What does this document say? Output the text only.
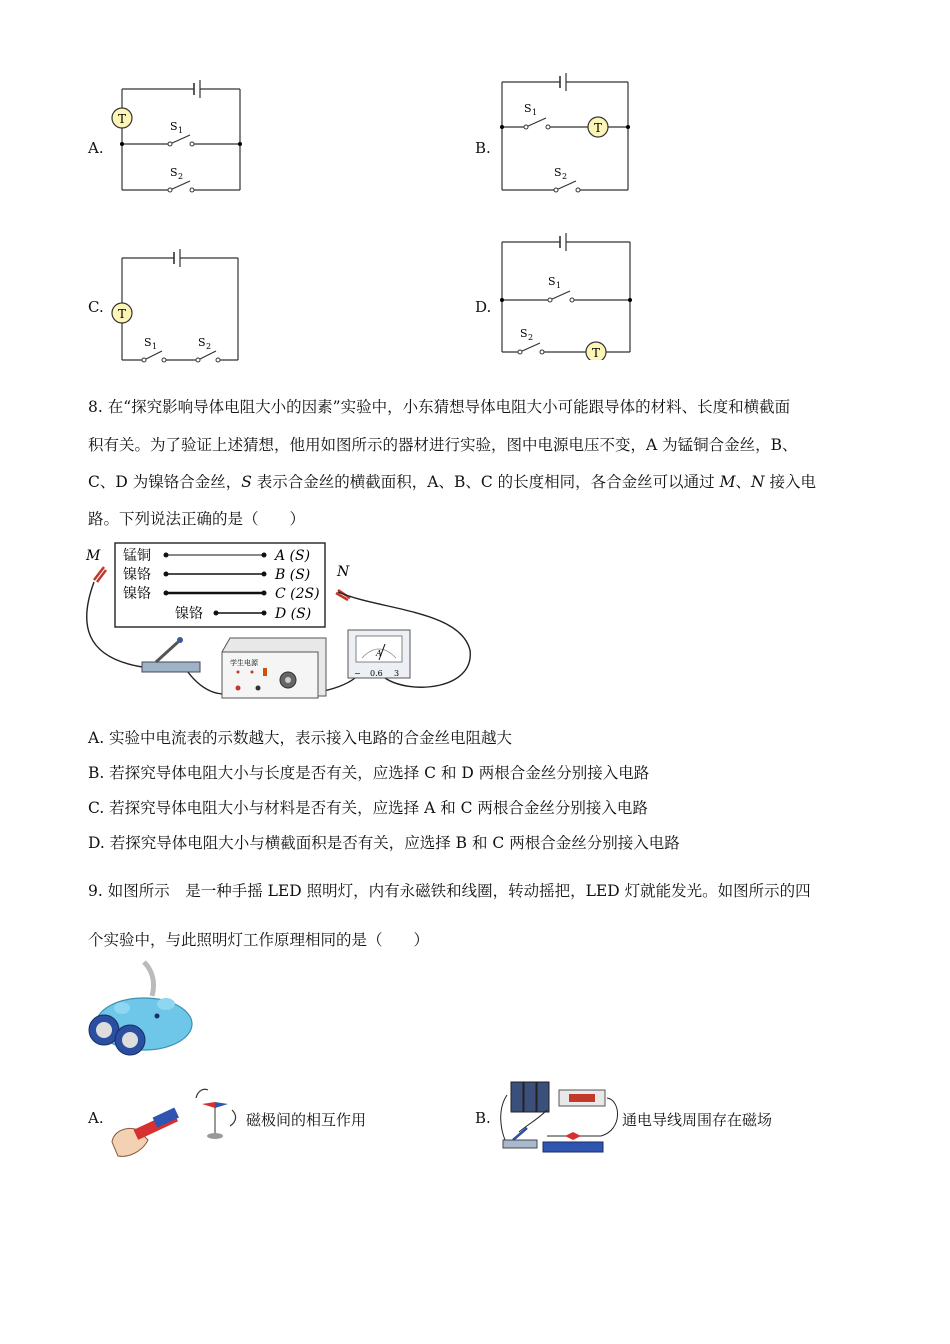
A.
T
S 1
S 2
B.
T
S 1
S 2
C. T
S 1	S 2
D.
T
S 1
S 2
8. 在“探究影响导体电阻大小的因素”实验中，小东猜想导体电阻大小可能跟导体的材料、长度和横截面
积有关。为了验证上述猜想，他用如图所示的器材进行实验，图中电源电压不变，A 为锰铜合金丝，B、
C、D 为镍铬合金丝，S 表示合金丝的横截面积，A、B、C 的长度相同，各合金丝可以通过 M、N 接入电
路。下列说法正确的是（　　）
锰铜
镍铬
镍铬
镍铬
A (S)
B (S)
C (2S)
D (S)
M
N
学生电源
A
− 0.6 3
A. 实验中电流表的示数越大，表示接入电路的合金丝电阻越大
B. 若探究导体电阻大小与长度是否有关，应选择 C 和 D 两根合金丝分别接入电路
C. 若探究导体电阻大小与材料是否有关，应选择 A 和 C 两根合金丝分别接入电路
D. 若探究导体电阻大小与横截面积是否有关，应选择 B 和 C 两根合金丝分别接入电路
9. 如图所示　是一种手摇 LED 照明灯，内有永磁铁和线圈，转动摇把，LED 灯就能发光。如图所示的四
个实验中，与此照明灯工作原理相同的是（　　）
A.	磁极间的相互作用	B.	通电导线周围存在磁场
